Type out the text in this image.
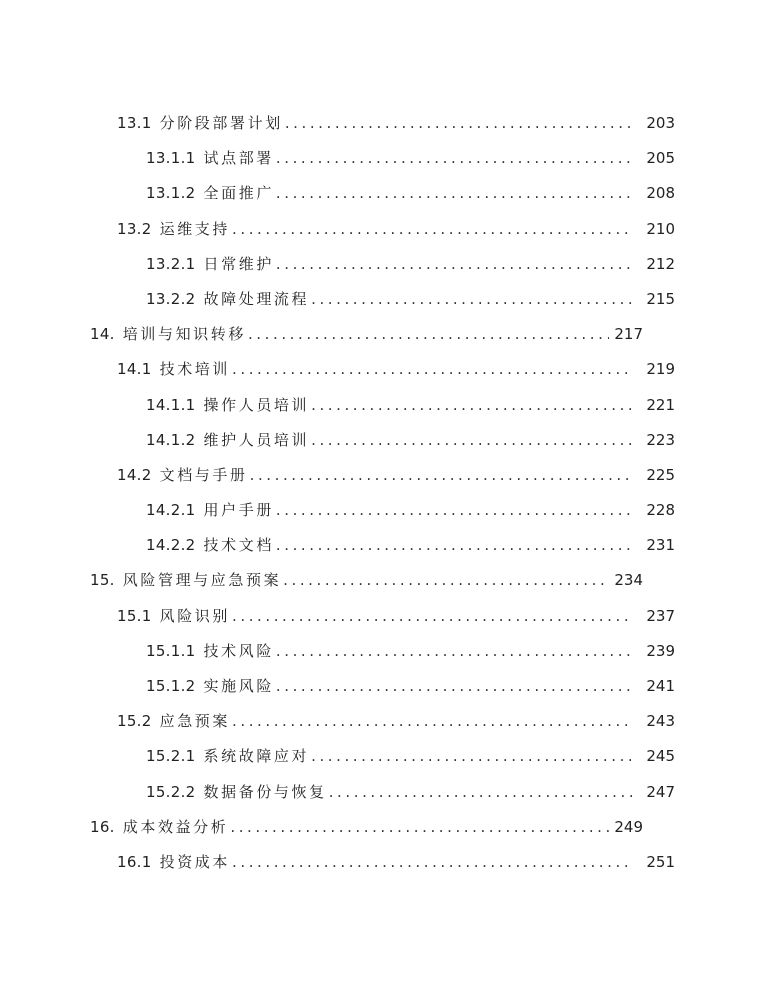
13.1 分阶段部署计划 . . .	203
13.1.1 试点部署 . . .	205
13.1.2 全面推广 . . .	208
13.2 运维支持 . . .	210
13.2.1 日常维护 . . .	212
13.2.2 故障处理流程 . . .	215
14. 培训与知识转移 . . .	217
14.1 技术培训 . . .	219
14.1.1 操作人员培训 . . .	221
14.1.2 维护人员培训 . . .	223
14.2 文档与手册 . . .	225
14.2.1 用户手册 . . .	228
14.2.2 技术文档 . . .	231
15. 风险管理与应急预案 . . .	234
15.1 风险识别 . . .	237
15.1.1 技术风险 . . .	239
15.1.2 实施风险 . . .	241
15.2 应急预案 . . .	243
15.2.1 系统故障应对 . . .	245
15.2.2 数据备份与恢复 . . .	247
16. 成本效益分析 . . .	249
16.1 投资成本 . . .	251
